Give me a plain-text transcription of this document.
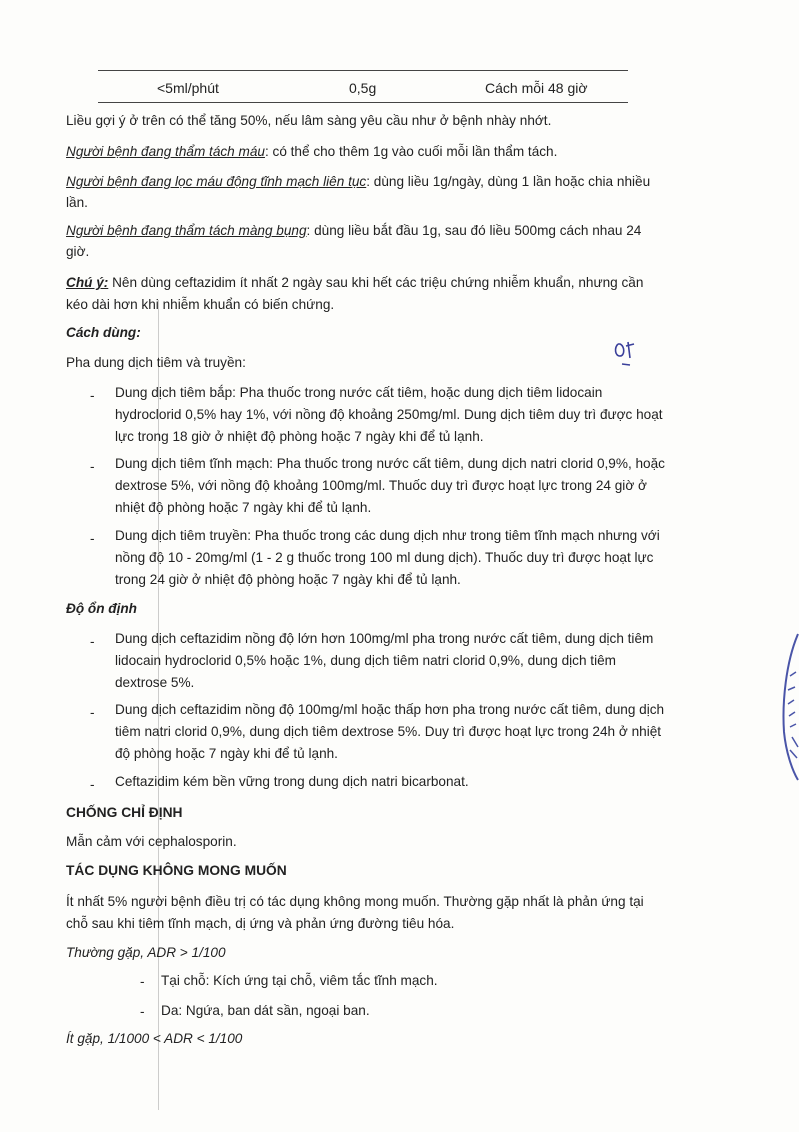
<5ml/phút	0,5g	Cách mỗi 48 giờ
Liều gợi ý ở trên có thể tăng 50%, nếu lâm sàng yêu cầu như ở bệnh nhày nhớt.
Người bệnh đang thẩm tách máu: có thể cho thêm 1g vào cuối mỗi lần thẩm tách.
Người bệnh đang lọc máu động tĩnh mạch liên tục: dùng liều 1g/ngày, dùng 1 lần hoặc chia nhiều
lần.
Người bệnh đang thẩm tách màng bụng: dùng liều bắt đầu 1g, sau đó liều 500mg cách nhau 24
giờ.
Chú ý: Nên dùng ceftazidim ít nhất 2 ngày sau khi hết các triệu chứng nhiễm khuẩn, nhưng cần
kéo dài hơn khi nhiễm khuẩn có biến chứng.
Cách dùng:
Pha dung dịch tiêm và truyền:
01
- Dung dịch tiêm bắp: Pha thuốc trong nước cất tiêm, hoặc dung dịch tiêm lidocain
hydroclorid 0,5% hay 1%, với nồng độ khoảng 250mg/ml. Dung dịch tiêm duy trì được hoạt
lực trong 18 giờ ở nhiệt độ phòng hoặc 7 ngày khi để tủ lạnh.
- Dung dịch tiêm tĩnh mạch: Pha thuốc trong nước cất tiêm, dung dịch natri clorid 0,9%, hoặc
dextrose 5%, với nồng độ khoảng 100mg/ml. Thuốc duy trì được hoạt lực trong 24 giờ ở
nhiệt độ phòng hoặc 7 ngày khi để tủ lạnh.
- Dung dịch tiêm truyền: Pha thuốc trong các dung dịch như trong tiêm tĩnh mạch nhưng với
nồng độ 10 - 20mg/ml (1 - 2 g thuốc trong 100 ml dung dịch). Thuốc duy trì được hoạt lực
trong 24 giờ ở nhiệt độ phòng hoặc 7 ngày khi để tủ lạnh.
Độ ổn định
- Dung dịch ceftazidim nồng độ lớn hơn 100mg/ml pha trong nước cất tiêm, dung dịch tiêm
lidocain hydroclorid 0,5% hoặc 1%, dung dịch tiêm natri clorid 0,9%, dung dịch tiêm
dextrose 5%.
- Dung dịch ceftazidim nồng độ 100mg/ml hoặc thấp hơn pha trong nước cất tiêm, dung dịch
tiêm natri clorid 0,9%, dung dịch tiêm dextrose 5%. Duy trì được hoạt lực trong 24h ở nhiệt
độ phòng hoặc 7 ngày khi để tủ lạnh.
- Ceftazidim kém bền vững trong dung dịch natri bicarbonat.
CHỐNG CHỈ ĐỊNH
Mẫn cảm với cephalosporin.
TÁC DỤNG KHÔNG MONG MUỐN
Ít nhất 5% người bệnh điều trị có tác dụng không mong muốn. Thường gặp nhất là phản ứng tại
chỗ sau khi tiêm tĩnh mạch, dị ứng và phản ứng đường tiêu hóa.
Thường gặp, ADR > 1/100
- Tại chỗ: Kích ứng tại chỗ, viêm tắc tĩnh mạch.
- Da: Ngứa, ban dát sần, ngoại ban.
Ít gặp, 1/1000 < ADR < 1/100
